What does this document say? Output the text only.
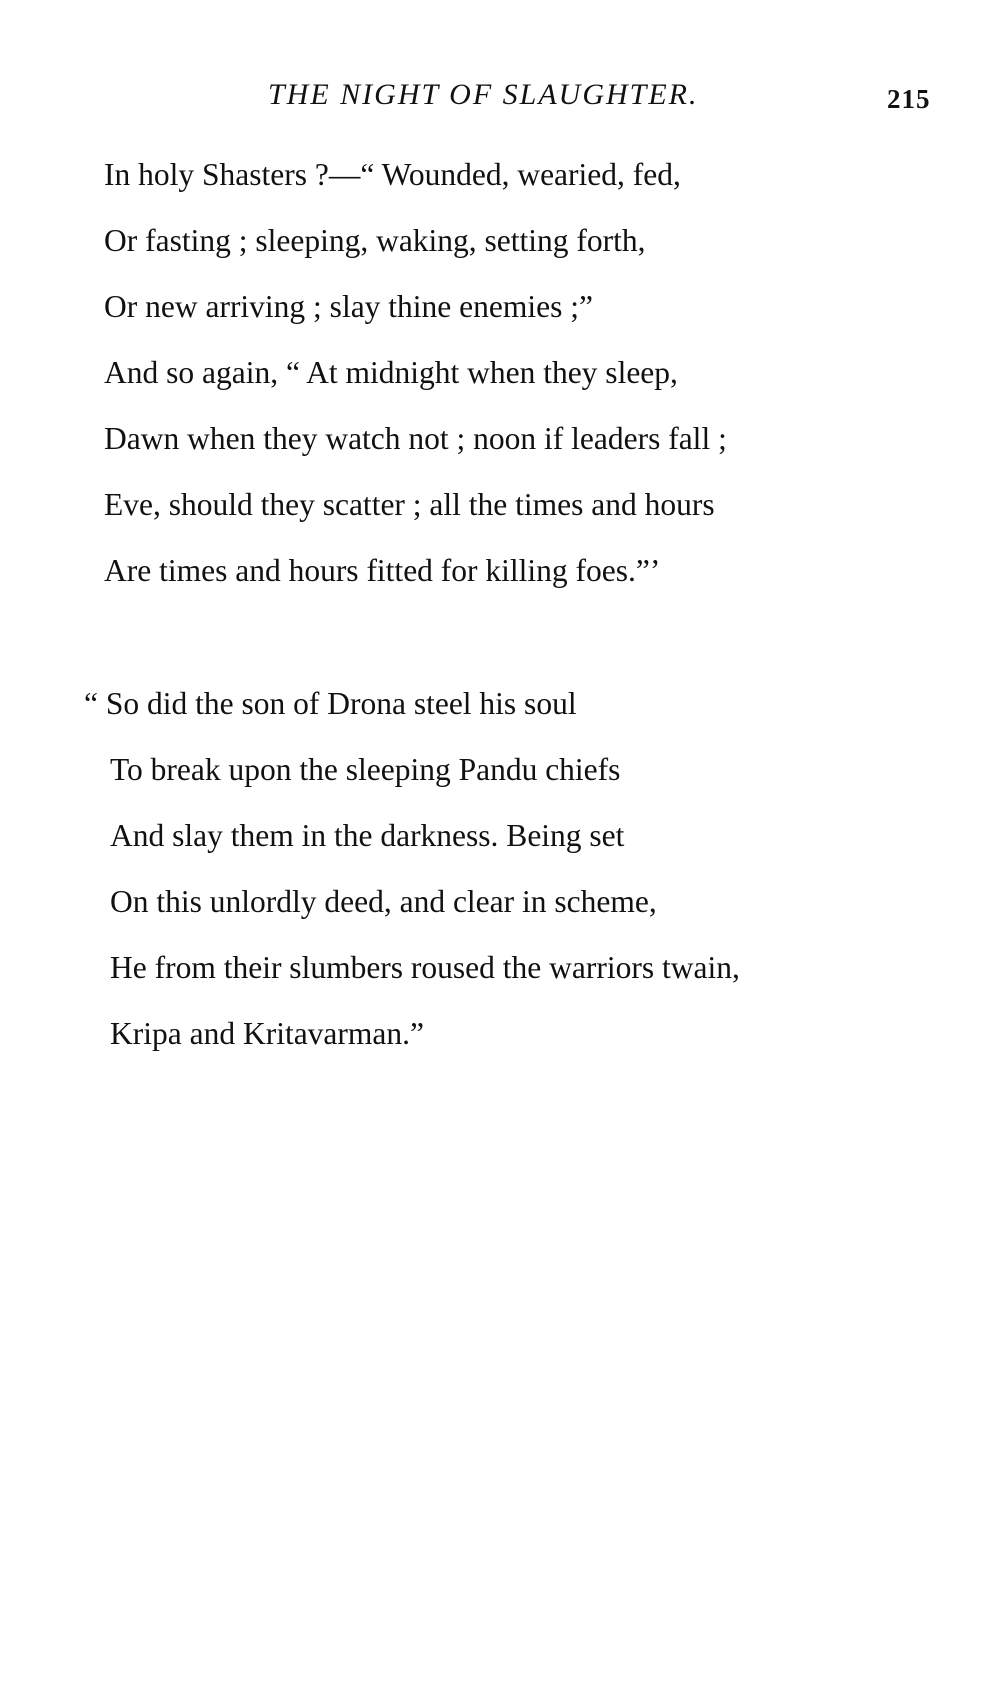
THE NIGHT OF SLAUGHTER.	215
In holy Shasters ?—“ Wounded, wearied, fed,
Or fasting ; sleeping, waking, setting forth,
Or new arriving ; slay thine enemies ;”
And so again, “ At midnight when they sleep,
Dawn when they watch not ; noon if leaders fall ;
Eve, should they scatter ; all the times and hours
Are times and hours fitted for killing foes.”’
“ So did the son of Drona steel his soul
To break upon the sleeping Pandu chiefs
And slay them in the darkness. Being set
On this unlordly deed, and clear in scheme,
He from their slumbers roused the warriors twain,
Kripa and Kritavarman.”
